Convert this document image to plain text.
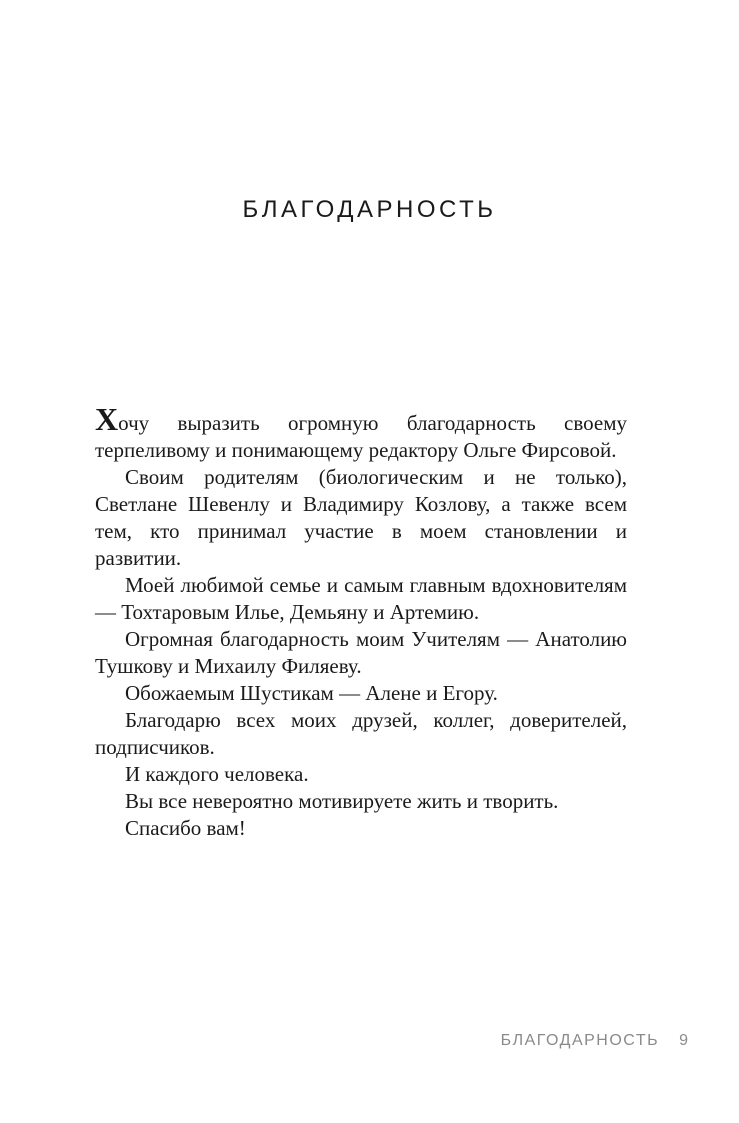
БЛАГОДАРНОСТЬ

Хочу выразить огромную благодарность своему терпеливому и понимающему редактору Ольге Фирсовой.

Своим родителям (биологическим и не только), Светлане Шевенлу и Владимиру Козлову, а также всем тем, кто принимал участие в моем становлении и развитии.

Моей любимой семье и самым главным вдохновителям — Тохтаровым Илье, Демьяну и Артемию.

Огромная благодарность моим Учителям — Анатолию Тушкову и Михаилу Филяеву.

Обожаемым Шустикам — Алене и Егору.

Благодарю всех моих друзей, коллег, доверителей, подписчиков.

И каждого человека.

Вы все невероятно мотивируете жить и творить.

Спасибо вам!

БЛАГОДАРНОСТЬ 9
